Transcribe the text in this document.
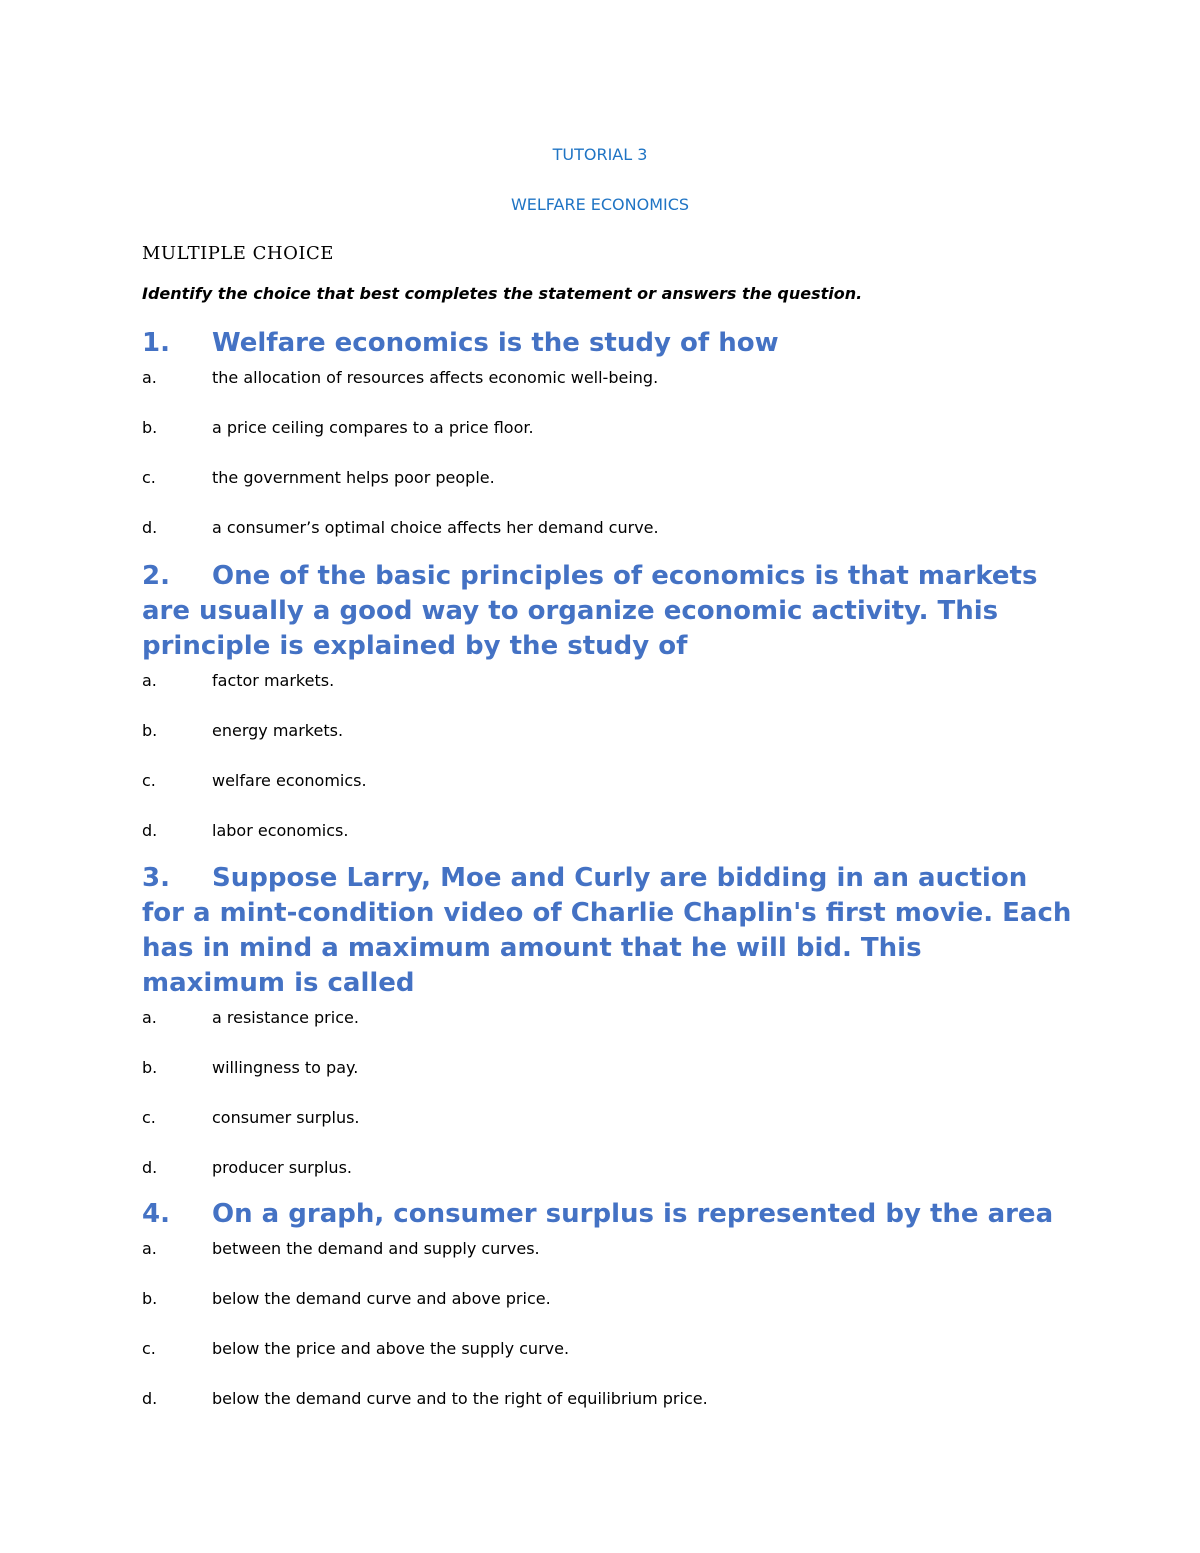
TUTORIAL 3
WELFARE ECONOMICS
MULTIPLE CHOICE
Identify the choice that best completes the statement or answers the question.

1. Welfare economics is the study of how

a.	the allocation of resources affects economic well-being.
b.	a price ceiling compares to a price floor.
c.	the government helps poor people.
d.	a consumer’s optimal choice affects her demand curve.

2. One of the basic principles of economics is that markets are usually a good way to organize economic activity. This principle is explained by the study of

a.	factor markets.
b.	energy markets.
c.	welfare economics.
d.	labor economics.

3. Suppose Larry, Moe and Curly are bidding in an auction for a mint-condition video of Charlie Chaplin's first movie. Each has in mind a maximum amount that he will bid. This maximum is called

a.	a resistance price.
b.	willingness to pay.
c.	consumer surplus.
d.	producer surplus.

4. On a graph, consumer surplus is represented by the area

a.	between the demand and supply curves.
b.	below the demand curve and above price.
c.	below the price and above the supply curve.
d.	below the demand curve and to the right of equilibrium price.
